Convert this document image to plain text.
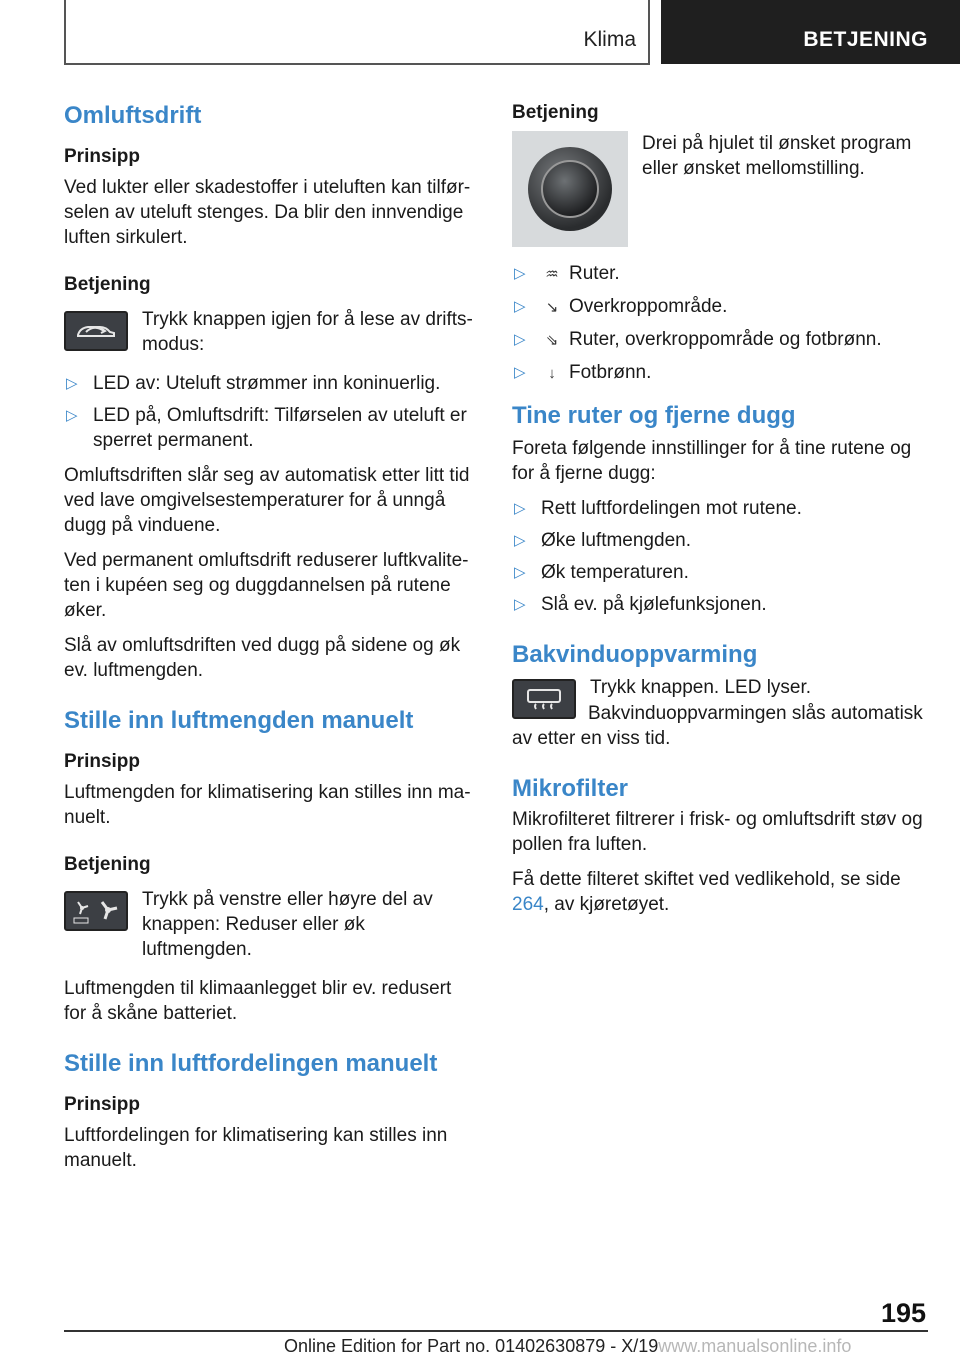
Klima	BETJENING
Omluftsdrift
Prinsipp

Ved lukter eller skadestoffer i uteluften kan tilfør-selen av uteluft stenges. Da blir den innvendige luften sirkulert.

Betjening
Trykk knappen igjen for å lese av drifts-modus:
▷ LED av: Uteluft strømmer inn koninuerlig.
▷ LED på, Omluftsdrift: Tilførselen av uteluft er sperret permanent.

Omluftsdriften slår seg av automatisk etter litt tid ved lave omgivelsestemperaturer for å unngå dugg på vinduene.

Ved permanent omluftsdrift reduserer luftkvalite-ten i kupéen seg og duggdannelsen på rutene øker.

Slå av omluftsdriften ved dugg på sidene og øk ev. luftmengden.

Stille inn luftmengden manuelt
Prinsipp

Luftmengden for klimatisering kan stilles inn ma-nuelt.

Betjening
Trykk på venstre eller høyre del av knappen: Reduser eller øk luftmengden.

Luftmengden til klimaanlegget blir ev. redusert for å skåne batteriet.

Stille inn luftfordelingen manuelt
Prinsipp

Luftfordelingen for klimatisering kan stilles inn manuelt.

Betjening
Drei på hjulet til ønsket program eller ønsket mellomstilling.
▷ ♒ Ruter.
▷ ↘ Overkroppområde.
▷ ⇘ Ruter, overkroppområde og fotbrønn.
▷ ↓ Fotbrønn.
Tine ruter og fjerne dugg

Foreta følgende innstillinger for å tine rutene og for å fjerne dugg:

▷ Rett luftfordelingen mot rutene.
▷ Øke luftmengden.
▷ Øk temperaturen.
▷ Slå ev. på kjølefunksjonen.
Bakvinduoppvarming
Trykk knappen. LED lyser.

Bakvinduoppvarmingen slås automatisk av etter en viss tid.

Mikrofilter

Mikrofilteret filtrerer i frisk- og omluftsdrift støv og pollen fra luften.

Få dette filteret skiftet ved vedlikehold, se side 264, av kjøretøyet.

195
Online Edition for Part no. 01402630879 - X/19www.manualsonline.info
